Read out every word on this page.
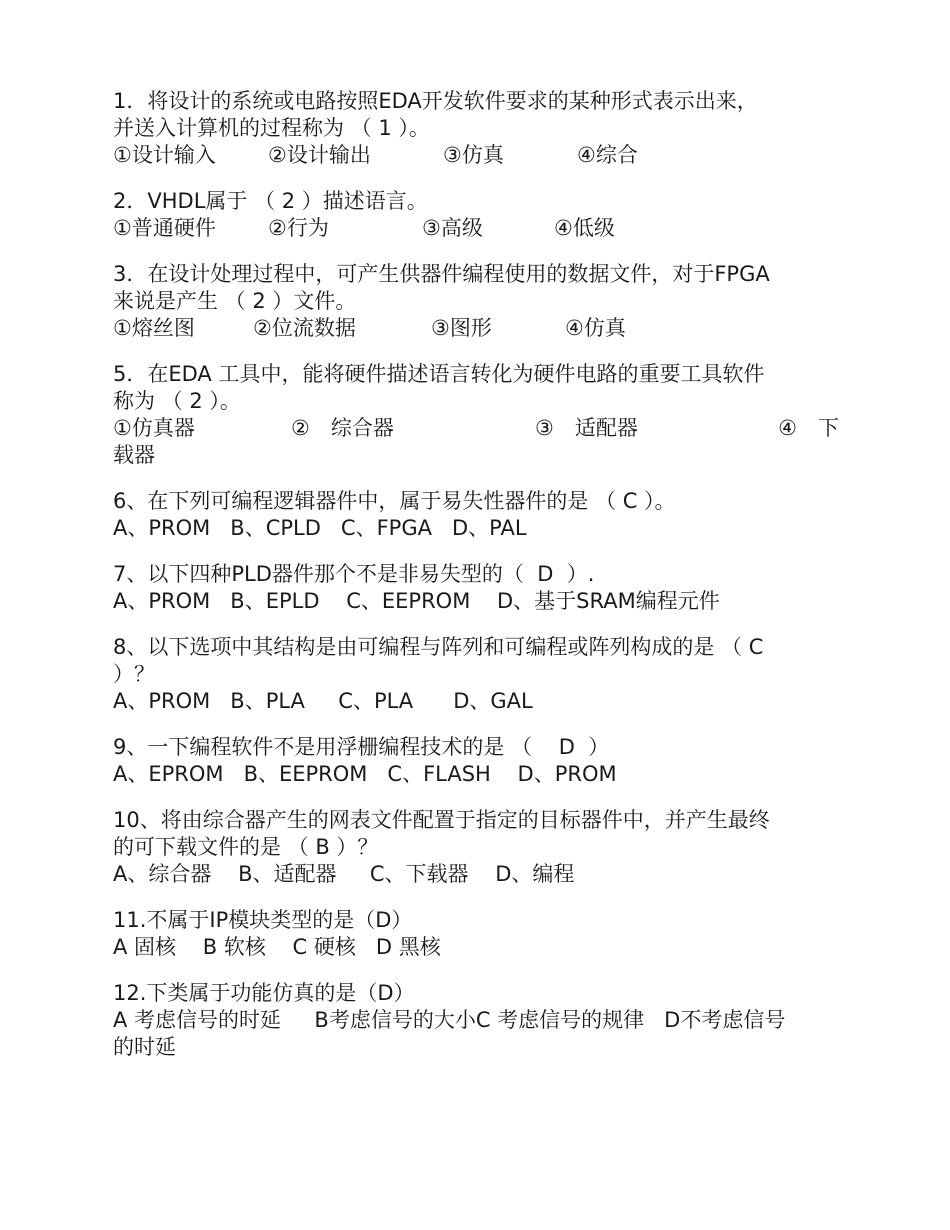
1．将设计的系统或电路按照EDA开发软件要求的某种形式表示出来，
并送入计算机的过程称为 （ 1 ）。
①设计输入 ②设计输出	③仿真	④综合
2．VHDL属于 （ 2 ）描述语言。
①普通硬件 ②行为	③高级	④低级
3．在设计处理过程中，可产生供器件编程使用的数据文件，对于FPGA
来说是产生 （ 2 ）文件。
①熔丝图	②位流数据	③图形	④仿真
5．在EDA 工具中，能将硬件描述语言转化为硬件电路的重要工具软件
称为 （ 2 ）。
①仿真器	②　综合器	③　适配器	④　下
载器
6、在下列可编程逻辑器件中，属于易失性器件的是 （ C ）。
A、PROM   B、CPLD   C、FPGA   D、PAL
7、以下四种PLD器件那个不是非易失型的（  D  ）.
A、PROM   B、EPLD    C、EEPROM    D、基于SRAM编程元件
8、以下选项中其结构是由可编程与阵列和可编程或阵列构成的是 （ C
）？
A、PROM   B、PLA     C、PLA      D、GAL
9、一下编程软件不是用浮栅编程技术的是 （    D  ）
A、EPROM   B、EEPROM   C、FLASH    D、PROM
10、将由综合器产生的网表文件配置于指定的目标器件中，并产生最终
的可下载文件的是 （ B ）？
A、综合器    B、适配器     C、下载器    D、编程
11.不属于IP模块类型的是（D）
A 固核    B 软核    C 硬核   D 黑核
12.下类属于功能仿真的是（D）
A 考虑信号的时延     B考虑信号的大小C 考虑信号的规律   D不考虑信号
的时延
